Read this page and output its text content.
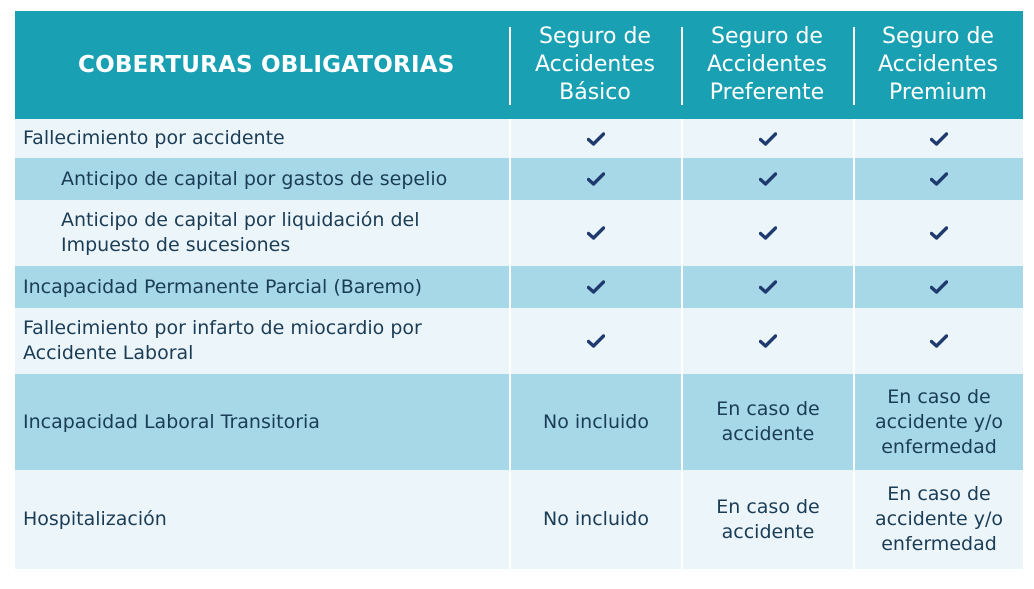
COBERTURAS OBLIGATORIAS
Seguro de
Accidentes
Básico
Seguro de
Accidentes
Preferente
Seguro de
Accidentes
Premium
Fallecimiento por accidente
Anticipo de capital por gastos de sepelio
Anticipo de capital por liquidación del
Impuesto de sucesiones
Incapacidad Permanente Parcial (Baremo)
Fallecimiento por infarto de miocardio por
Accidente Laboral
Incapacidad Laboral Transitoria	No incluido
En caso de
accidente
En caso de
accidente y/o
enfermedad
Hospitalización	No incluido
En caso de
accidente
En caso de
accidente y/o
enfermedad
